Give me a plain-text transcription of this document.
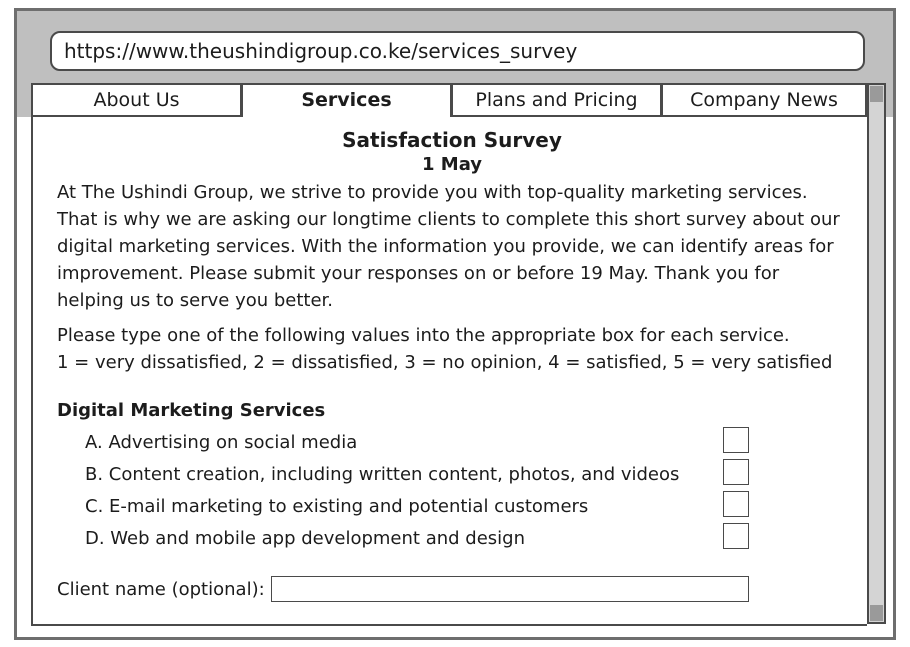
https://www.theushindigroup.co.ke/services_survey
About Us	Services	Plans and Pricing	Company News

Satisfaction Survey

1 May

At The Ushindi Group, we strive to provide you with top-quality marketing services. That is why we are asking our longtime clients to complete this short survey about our digital marketing services. With the information you provide, we can identify areas for improvement. Please submit your responses on or before 19 May. Thank you for helping us to serve you better.

Please type one of the following values into the appropriate box for each service.
1 = very dissatisfied, 2 = dissatisfied, 3 = no opinion, 4 = satisfied, 5 = very satisfied

Digital Marketing Services

A. Advertising on social media
B. Content creation, including written content, photos, and videos
C. E-mail marketing to existing and potential customers
D. Web and mobile app development and design
Client name (optional):
